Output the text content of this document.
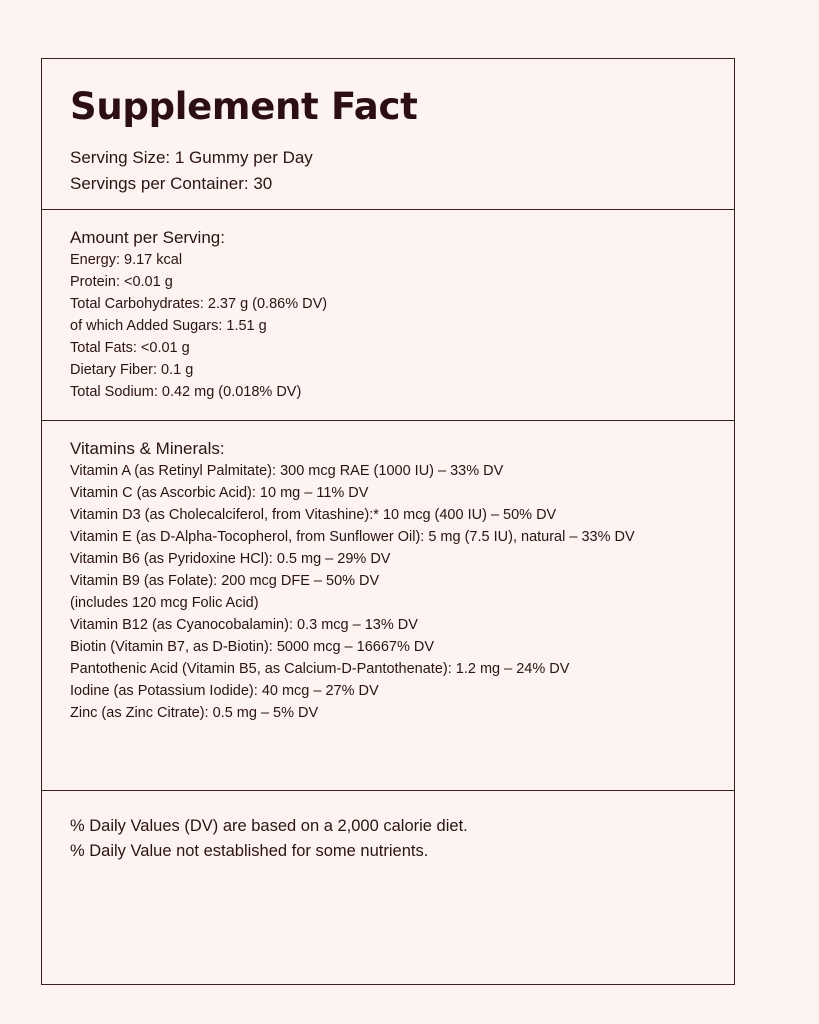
Supplement Fact
Serving Size: 1 Gummy per Day
Servings per Container: 30

Amount per Serving:

Energy: 9.17 kcal

Protein: <0.01 g

Total Carbohydrates: 2.37 g (0.86% DV)

of which Added Sugars: 1.51 g

Total Fats: <0.01 g

Dietary Fiber: 0.1 g

Total Sodium: 0.42 mg (0.018% DV)

Vitamins & Minerals:

Vitamin A (as Retinyl Palmitate): 300 mcg RAE (1000 IU) – 33% DV

Vitamin C (as Ascorbic Acid): 10 mg – 11% DV

Vitamin D3 (as Cholecalciferol, from Vitashine):* 10 mcg (400 IU) – 50% DV

Vitamin E (as D-Alpha-Tocopherol, from Sunflower Oil): 5 mg (7.5 IU), natural – 33% DV

Vitamin B6 (as Pyridoxine HCl): 0.5 mg – 29% DV

Vitamin B9 (as Folate): 200 mcg DFE – 50% DV

(includes 120 mcg Folic Acid)

Vitamin B12 (as Cyanocobalamin): 0.3 mcg – 13% DV

Biotin (Vitamin B7, as D-Biotin): 5000 mcg – 16667% DV

Pantothenic Acid (Vitamin B5, as Calcium-D-Pantothenate): 1.2 mg – 24% DV

Iodine (as Potassium Iodide): 40 mcg – 27% DV

Zinc (as Zinc Citrate): 0.5 mg – 5% DV

% Daily Values (DV) are based on a 2,000 calorie diet.

% Daily Value not established for some nutrients.
